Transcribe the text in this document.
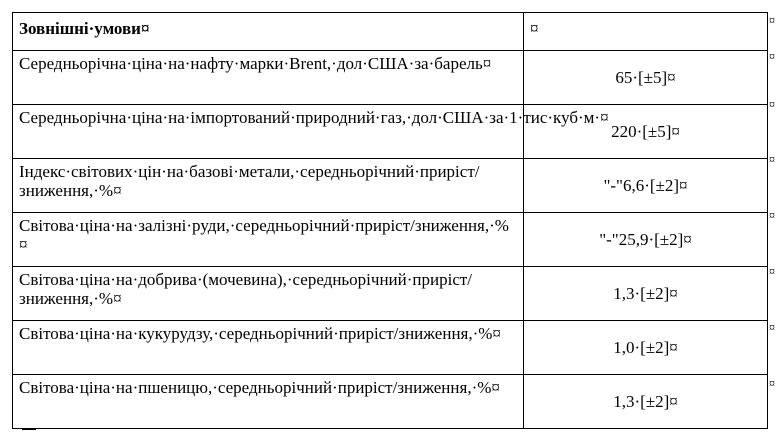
Зовнішні·умови¤	¤
Середньорічна·ціна·на·нафту·марки·Brent,·дол·США·за·барель¤	65·[±5]¤
Середньорічна·ціна·на·імпортований·природний·газ,·дол·США·за·1·тис·куб·м·¤	220·[±5]¤
Індекс·світових·цін·на·базові·метали,·середньорічний·приріст/зниження,·%¤	"-"6,6·[±2]¤
Світова·ціна·на·залізні·руди,·середньорічний·приріст/зниження,·%¤	"-"25,9·[±2]¤
Світова·ціна·на·добрива·(мочевина),·середньорічний·приріст/зниження,·%¤	1,3·[±2]¤
Світова·ціна·на·кукурудзу,·середньорічний·приріст/зниження,·%¤	1,0·[±2]¤
Світова·ціна·на·пшеницю,·середньорічний·приріст/зниження,·%¤	1,3·[±2]¤
¤
¤
¤
¤
¤
¤
¤
¤
